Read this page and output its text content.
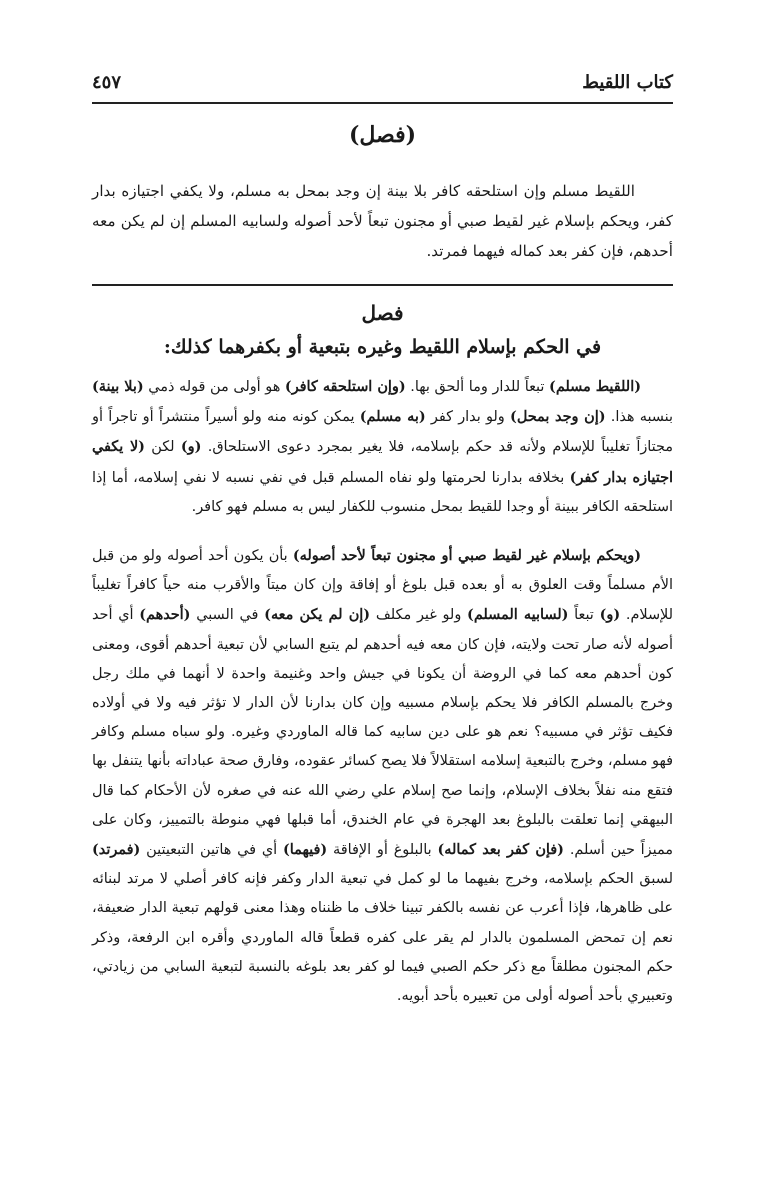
كتاب اللقيط
٤٥٧
(فصل)

اللقيط مسلم وإن استلحقه كافر بلا بينة إن وجد بمحل به مسلم، ولا يكفي اجتيازه بدار كفر، ويحكم بإسلام غير لقيط صبي أو مجنون تبعاً لأحد أصوله ولسابيه المسلم إن لم يكن معه أحدهم، فإن كفر بعد كماله فيهما فمرتد.

فصل
في الحكم بإسلام اللقيط وغيره بتبعية أو بكفرهما كذلك:

(اللقيط مسلم) تبعاً للدار وما ألحق بها. (وإن استلحقه كافر) هو أولى من قوله ذمي (بلا بينة) بنسبه هذا. (إن وجد بمحل) ولو بدار كفر (به مسلم) يمكن كونه منه ولو أسيراً منتشراً أو تاجراً أو مجتازاً تغليباً للإسلام ولأنه قد حكم بإسلامه، فلا يغير بمجرد دعوى الاستلحاق. (و) لكن (لا يكفي اجتيازه بدار كفر) بخلافه بدارنا لحرمتها ولو نفاه المسلم قبل في نفي نسبه لا نفي إسلامه، أما إذا استلحقه الكافر ببينة أو وجدا للقيط بمحل منسوب للكفار ليس به مسلم فهو كافر.

(ويحكم بإسلام غير لقيط صبي أو مجنون تبعاً لأحد أصوله) بأن يكون أحد أصوله ولو من قبل الأم مسلماً وقت العلوق به أو بعده قبل بلوغ أو إفاقة وإن كان ميتاً والأقرب منه حياً كافراً تغليباً للإسلام. (و) تبعاً (لسابيه المسلم) ولو غير مكلف (إن لم يكن معه) في السبي (أحدهم) أي أحد أصوله لأنه صار تحت ولايته، فإن كان معه فيه أحدهم لم يتبع السابي لأن تبعية أحدهم أقوى، ومعنى كون أحدهم معه كما في الروضة أن يكونا في جيش واحد وغنيمة واحدة لا أنهما في ملك رجل وخرج بالمسلم الكافر فلا يحكم بإسلام مسبيه وإن كان بدارنا لأن الدار لا تؤثر فيه ولا في أولاده فكيف تؤثر في مسبيه؟ نعم هو على دين سابيه كما قاله الماوردي وغيره. ولو سباه مسلم وكافر فهو مسلم، وخرج بالتبعية إسلامه استقلالاً فلا يصح كسائر عقوده، وفارق صحة عباداته بأنها يتنفل بها فتقع منه نفلاً بخلاف الإسلام، وإنما صح إسلام علي رضي الله عنه في صغره لأن الأحكام كما قال البيهقي إنما تعلقت بالبلوغ بعد الهجرة في عام الخندق، أما قبلها فهي منوطة بالتمييز، وكان على مميزاً حين أسلم. (فإن كفر بعد كماله) بالبلوغ أو الإفاقة (فيهما) أي في هاتين التبعيتين (فمرتد) لسبق الحكم بإسلامه، وخرج بفيهما ما لو كمل في تبعية الدار وكفر فإنه كافر أصلي لا مرتد لبنائه على ظاهرها، فإذا أعرب عن نفسه بالكفر تبينا خلاف ما ظنناه وهذا معنى قولهم تبعية الدار ضعيفة، نعم إن تمحض المسلمون بالدار لم يقر على كفره قطعاً قاله الماوردي وأقره ابن الرفعة، وذكر حكم المجنون مطلقاً مع ذكر حكم الصبي فيما لو كفر بعد بلوغه بالنسبة لتبعية السابي من زيادتي، وتعبيري بأحد أصوله أولى من تعبيره بأحد أبويه.
